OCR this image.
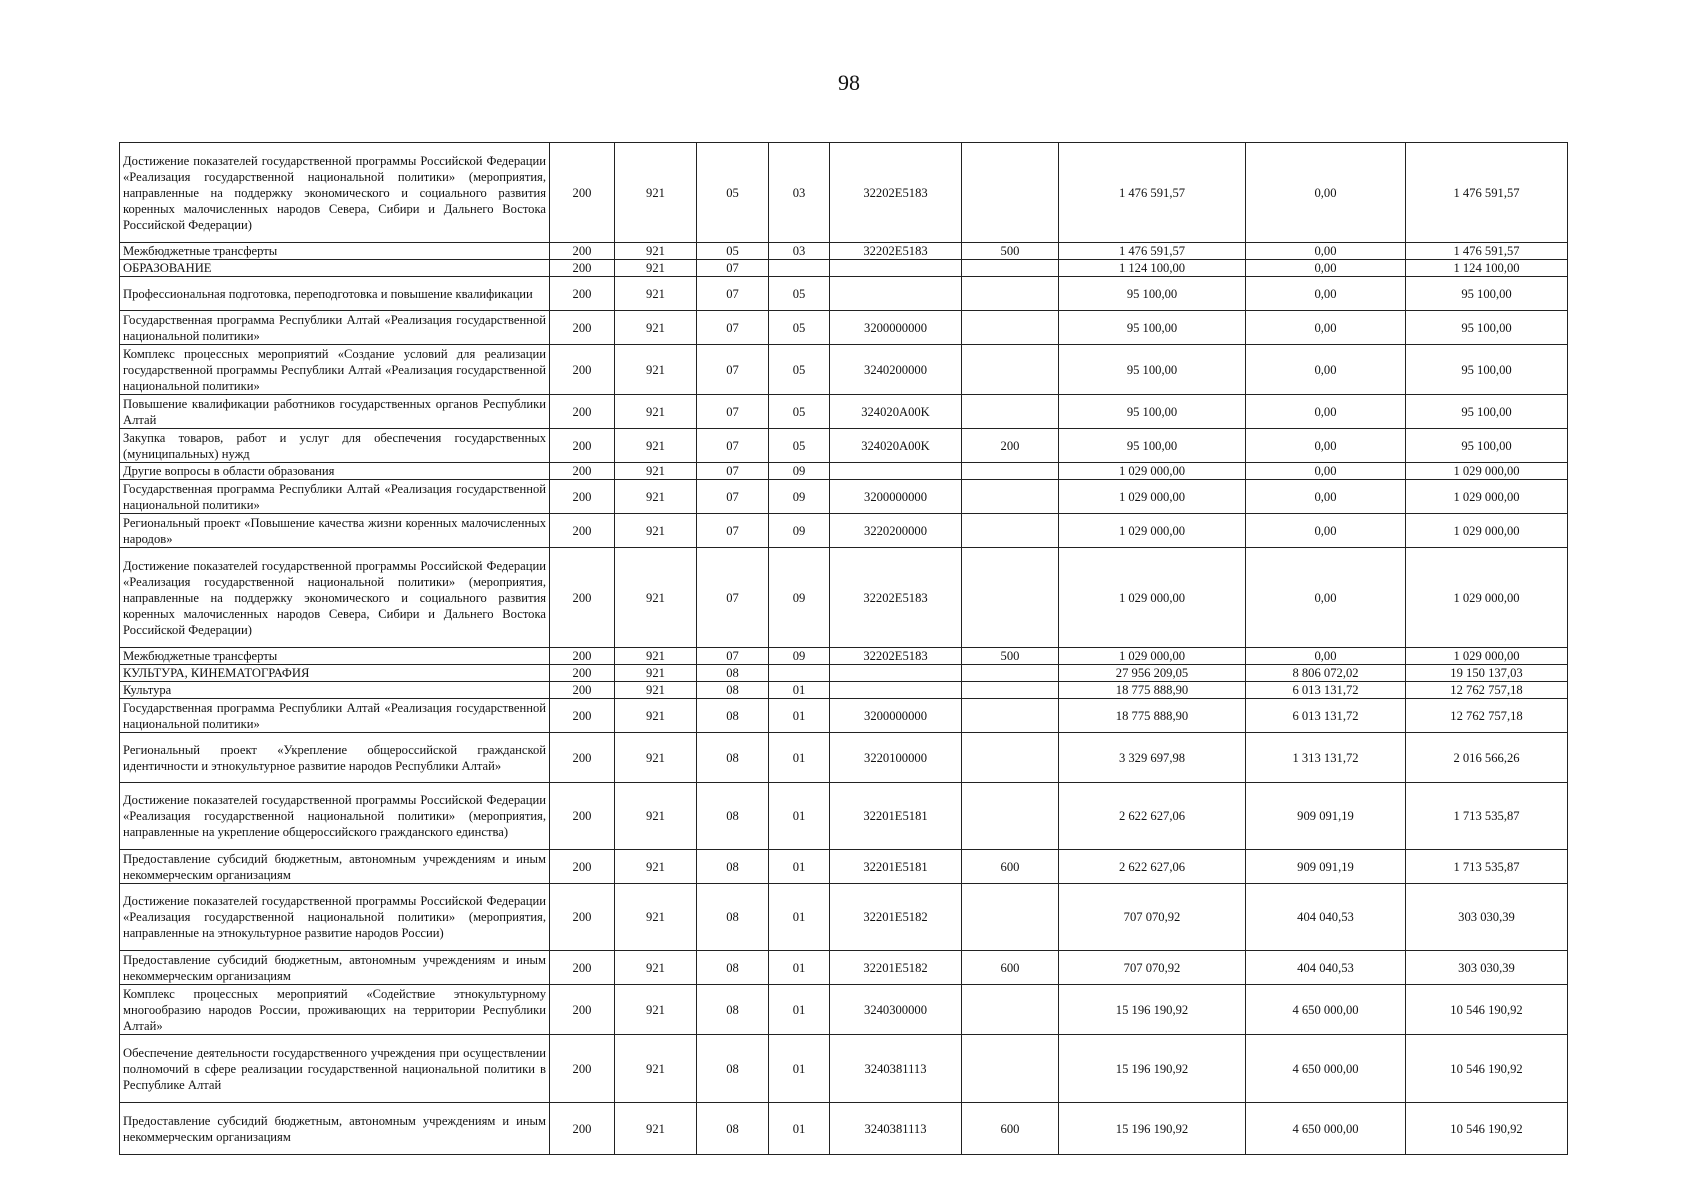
98
Достижение показателей государственной программы Российской Федерации «Реализация государственной национальной политики» (мероприятия, направленные на поддержку экономического и социального развития коренных малочисленных народов Севера, Сибири и Дальнего Востока Российской Федерации)	200	921	05	03	32202E5183		1 476 591,57	0,00	1 476 591,57
Межбюджетные трансферты	200	921	05	03	32202E5183	500	1 476 591,57	0,00	1 476 591,57
ОБРАЗОВАНИЕ	200	921	07				1 124 100,00	0,00	1 124 100,00
Профессиональная подготовка, переподготовка и повышение квалификации	200	921	07	05			95 100,00	0,00	95 100,00
Государственная программа Республики Алтай «Реализация государственной национальной политики»	200	921	07	05	3200000000		95 100,00	0,00	95 100,00
Комплекс процессных мероприятий «Создание условий для реализации государственной программы Республики Алтай «Реализация государственной национальной политики»	200	921	07	05	3240200000		95 100,00	0,00	95 100,00
Повышение квалификации работников государственных органов Республики Алтай	200	921	07	05	324020A00K		95 100,00	0,00	95 100,00
Закупка товаров, работ и услуг для обеспечения государственных (муниципальных) нужд	200	921	07	05	324020A00K	200	95 100,00	0,00	95 100,00
Другие вопросы в области образования	200	921	07	09			1 029 000,00	0,00	1 029 000,00
Государственная программа Республики Алтай «Реализация государственной национальной политики»	200	921	07	09	3200000000		1 029 000,00	0,00	1 029 000,00
Региональный проект «Повышение качества жизни коренных малочисленных народов»	200	921	07	09	3220200000		1 029 000,00	0,00	1 029 000,00
Достижение показателей государственной программы Российской Федерации «Реализация государственной национальной политики» (мероприятия, направленные на поддержку экономического и социального развития коренных малочисленных народов Севера, Сибири и Дальнего Востока Российской Федерации)	200	921	07	09	32202E5183		1 029 000,00	0,00	1 029 000,00
Межбюджетные трансферты	200	921	07	09	32202E5183	500	1 029 000,00	0,00	1 029 000,00
КУЛЬТУРА, КИНЕМАТОГРАФИЯ	200	921	08				27 956 209,05	8 806 072,02	19 150 137,03
Культура	200	921	08	01			18 775 888,90	6 013 131,72	12 762 757,18
Государственная программа Республики Алтай «Реализация государственной национальной политики»	200	921	08	01	3200000000		18 775 888,90	6 013 131,72	12 762 757,18
Региональный проект «Укрепление общероссийской гражданской идентичности и этнокультурное развитие народов Республики Алтай»	200	921	08	01	3220100000		3 329 697,98	1 313 131,72	2 016 566,26
Достижение показателей государственной программы Российской Федерации «Реализация государственной национальной политики» (мероприятия, направленные на укрепление общероссийского гражданского единства)	200	921	08	01	32201E5181		2 622 627,06	909 091,19	1 713 535,87
Предоставление субсидий бюджетным, автономным учреждениям и иным некоммерческим организациям	200	921	08	01	32201E5181	600	2 622 627,06	909 091,19	1 713 535,87
Достижение показателей государственной программы Российской Федерации «Реализация государственной национальной политики» (мероприятия, направленные на этнокультурное развитие народов России)	200	921	08	01	32201E5182		707 070,92	404 040,53	303 030,39
Предоставление субсидий бюджетным, автономным учреждениям и иным некоммерческим организациям	200	921	08	01	32201E5182	600	707 070,92	404 040,53	303 030,39
Комплекс процессных мероприятий «Содействие этнокультурному многообразию народов России, проживающих на территории Республики Алтай»	200	921	08	01	3240300000		15 196 190,92	4 650 000,00	10 546 190,92
Обеспечение деятельности государственного учреждения при осуществлении полномочий в сфере реализации государственной национальной политики в Республике Алтай	200	921	08	01	3240381113		15 196 190,92	4 650 000,00	10 546 190,92
Предоставление субсидий бюджетным, автономным учреждениям и иным некоммерческим организациям	200	921	08	01	3240381113	600	15 196 190,92	4 650 000,00	10 546 190,92
